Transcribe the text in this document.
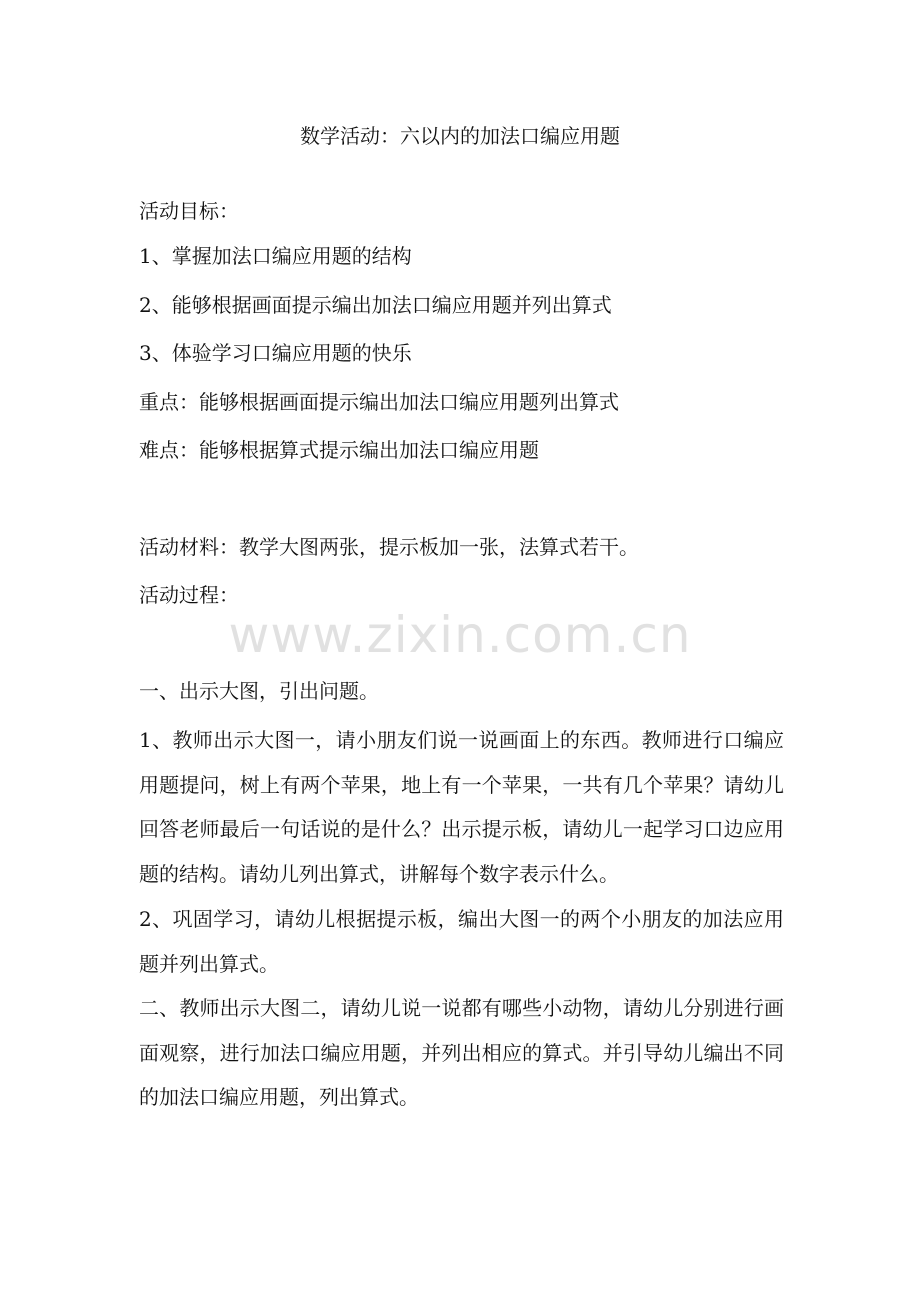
数学活动：六以内的加法口编应用题
活动目标：
1、掌握加法口编应用题的结构
2、能够根据画面提示编出加法口编应用题并列出算式
3、体验学习口编应用题的快乐
重点：能够根据画面提示编出加法口编应用题列出算式
难点：能够根据算式提示编出加法口编应用题
活动材料：教学大图两张，提示板加一张，法算式若干。
活动过程：
一、出示大图，引出问题。
1、教师出示大图一，请小朋友们说一说画面上的东西。教师进行口编应用题提问，树上有两个苹果，地上有一个苹果，一共有几个苹果？请幼儿回答老师最后一句话说的是什么？出示提示板，请幼儿一起学习口边应用题的结构。请幼儿列出算式，讲解每个数字表示什么。
2、巩固学习，请幼儿根据提示板，编出大图一的两个小朋友的加法应用题并列出算式。
二、教师出示大图二，请幼儿说一说都有哪些小动物，请幼儿分别进行画面观察，进行加法口编应用题，并列出相应的算式。并引导幼儿编出不同的加法口编应用题，列出算式。
www.zixin.com.cn
